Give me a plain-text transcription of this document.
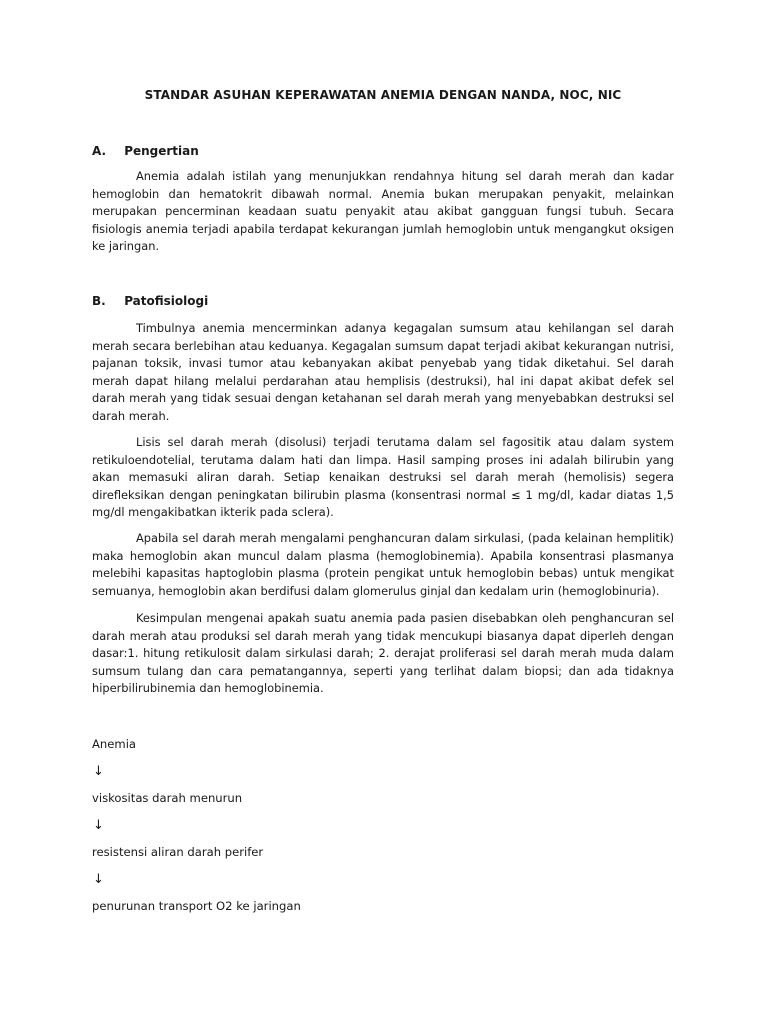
STANDAR ASUHAN KEPERAWATAN ANEMIA DENGAN NANDA, NOC, NIC
A. Pengertian

Anemia adalah istilah yang menunjukkan rendahnya hitung sel darah merah dan kadar hemoglobin dan hematokrit dibawah normal. Anemia bukan merupakan penyakit, melainkan merupakan pencerminan keadaan suatu penyakit atau akibat gangguan fungsi tubuh. Secara fisiologis anemia terjadi apabila terdapat kekurangan jumlah hemoglobin untuk mengangkut oksigen ke jaringan.

B. Patofisiologi

Timbulnya anemia mencerminkan adanya kegagalan sumsum atau kehilangan sel darah merah secara berlebihan atau keduanya. Kegagalan sumsum dapat terjadi akibat kekurangan nutrisi, pajanan toksik, invasi tumor atau kebanyakan akibat penyebab yang tidak diketahui. Sel darah merah dapat hilang melalui perdarahan atau hemplisis (destruksi), hal ini dapat akibat defek sel darah merah yang tidak sesuai dengan ketahanan sel darah merah yang menyebabkan destruksi sel darah merah.

Lisis sel darah merah (disolusi) terjadi terutama dalam sel fagositik atau dalam system retikuloendotelial, terutama dalam hati dan limpa. Hasil samping proses ini adalah bilirubin yang akan memasuki aliran darah. Setiap kenaikan destruksi sel darah merah (hemolisis) segera direfleksikan dengan peningkatan bilirubin plasma (konsentrasi normal ≤ 1 mg/dl, kadar diatas 1,5 mg/dl mengakibatkan ikterik pada sclera).

Apabila sel darah merah mengalami penghancuran dalam sirkulasi, (pada kelainan hemplitik) maka hemoglobin akan muncul dalam plasma (hemoglobinemia). Apabila konsentrasi plasmanya melebihi kapasitas haptoglobin plasma (protein pengikat untuk hemoglobin bebas) untuk mengikat semuanya, hemoglobin akan berdifusi dalam glomerulus ginjal dan kedalam urin (hemoglobinuria).

Kesimpulan mengenai apakah suatu anemia pada pasien disebabkan oleh penghancuran sel darah merah atau produksi sel darah merah yang tidak mencukupi biasanya dapat diperleh dengan dasar:1. hitung retikulosit dalam sirkulasi darah; 2. derajat proliferasi sel darah merah muda dalam sumsum tulang dan cara pematangannya, seperti yang terlihat dalam biopsi; dan ada tidaknya hiperbilirubinemia dan hemoglobinemia.

Anemia
↓
viskositas darah menurun
↓
resistensi aliran darah perifer
↓
penurunan transport O2 ke jaringan
